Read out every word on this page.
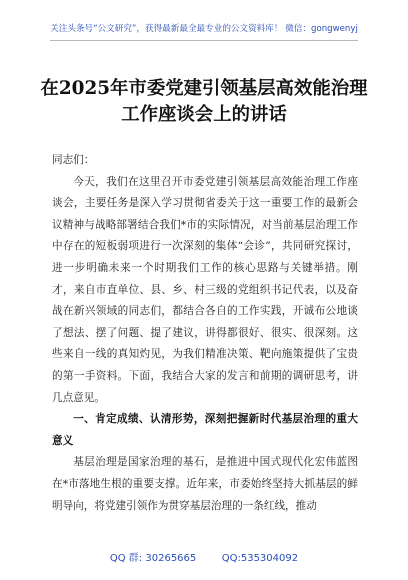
关注头条号“公文研究”，获得最新最全最专业的公文资料库！ 微信：gongwenyj
在2025年市委党建引领基层高效能治理工作座谈会上的讲话

同志们：

今天，我们在这里召开市委党建引领基层高效能治理工作座谈会，主要任务是深入学习贯彻省委关于这一重要工作的最新会议精神与战略部署结合我们*市的实际情况，对当前基层治理工作中存在的短板弱项进行一次深刻的集体“会诊”，共同研究探讨，进一步明确未来一个时期我们工作的核心思路与关键举措。刚才，来自市直单位、县、乡、村三级的党组织书记代表，以及奋战在新兴领域的同志们，都结合各自的工作实践，开诚布公地谈了想法、摆了问题、提了建议，讲得都很好、很实、很深刻。这些来自一线的真知灼见，为我们精准决策、靶向施策提供了宝贵的第一手资料。下面，我结合大家的发言和前期的调研思考，讲几点意见。

一、肯定成绩、认清形势，深刻把握新时代基层治理的重大意义

基层治理是国家治理的基石，是推进中国式现代化宏伟蓝图在*市落地生根的重要支撑。近年来，市委始终坚持大抓基层的鲜明导向，将党建引领作为贯穿基层治理的一条红线，推动

QQ 群: 30265665	QQ:535304092
